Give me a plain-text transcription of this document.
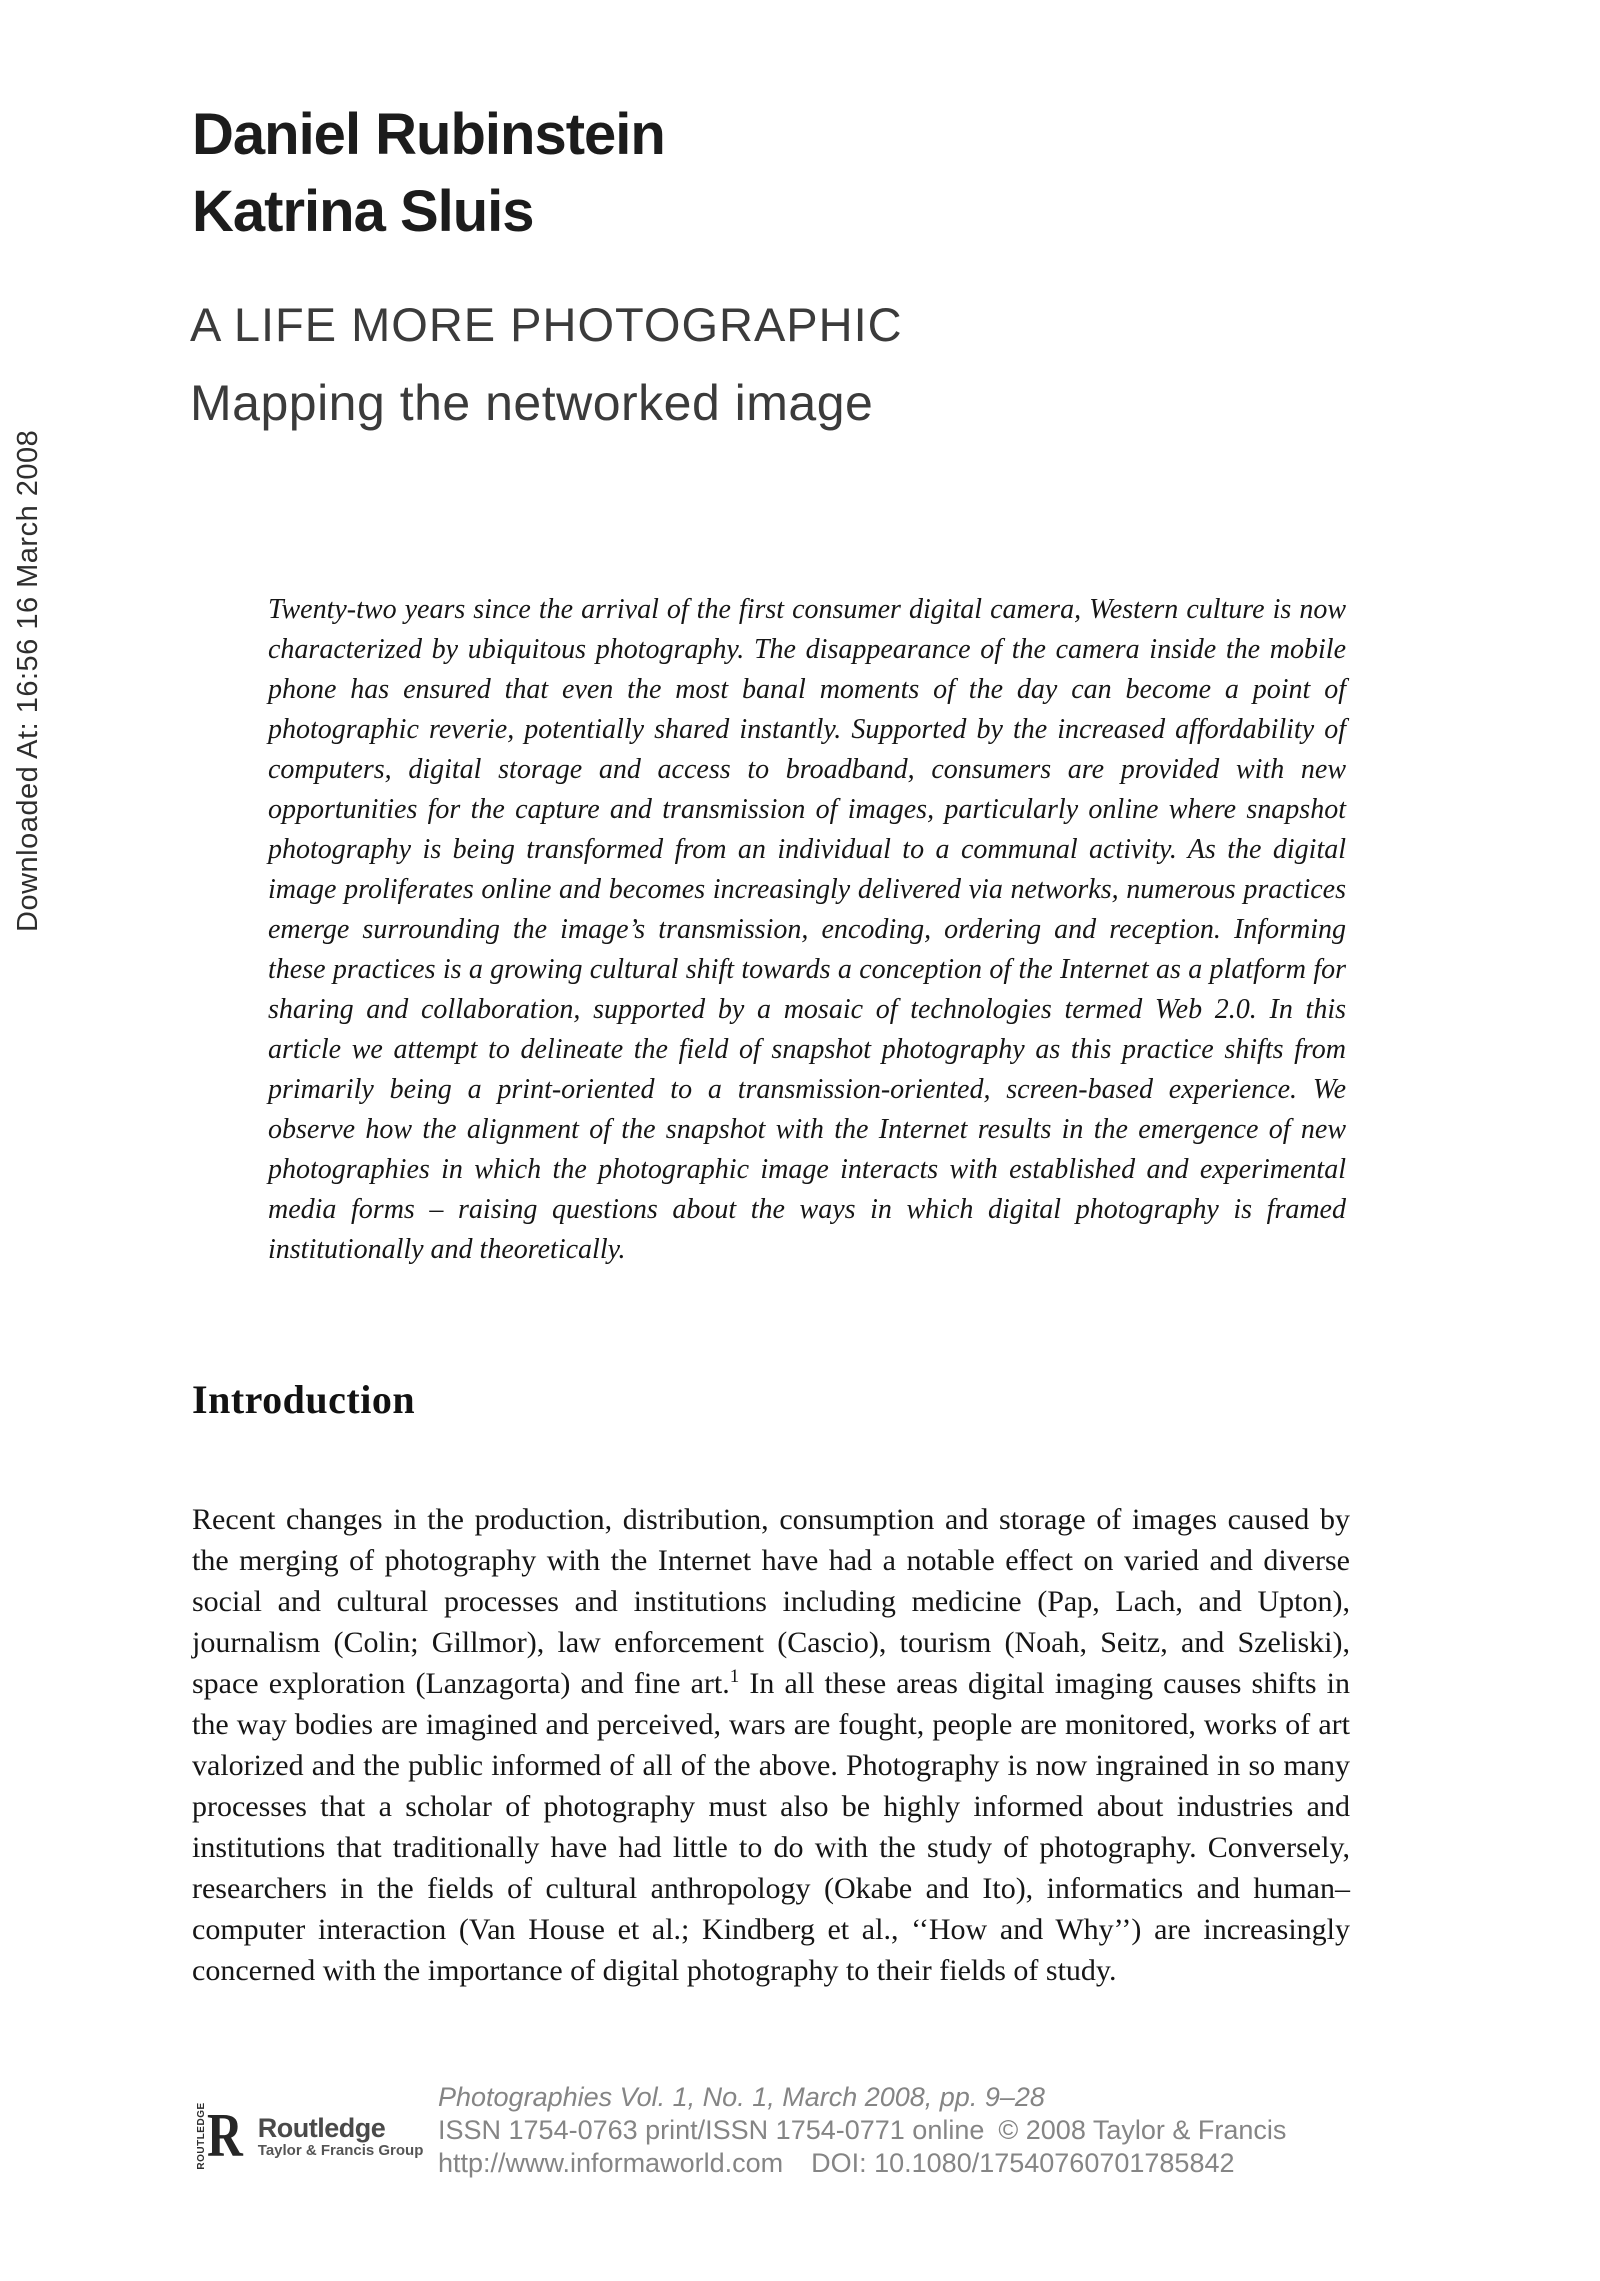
Downloaded At: 16:56 16 March 2008
Daniel Rubinstein
Katrina Sluis
A LIFE MORE PHOTOGRAPHIC
Mapping the networked image
Twenty-two years since the arrival of the first consumer digital camera, Western culture is now characterized by ubiquitous photography. The disappearance of the camera inside the mobile phone has ensured that even the most banal moments of the day can become a point of photographic reverie, potentially shared instantly. Supported by the increased affordability of computers, digital storage and access to broadband, consumers are provided with new opportunities for the capture and transmission of images, particularly online where snapshot photography is being transformed from an individual to a communal activity. As the digital image proliferates online and becomes increasingly delivered via networks, numerous practices emerge surrounding the image’s transmission, encoding, ordering and reception. Informing these practices is a growing cultural shift towards a conception of the Internet as a platform for sharing and collaboration, supported by a mosaic of technologies termed Web 2.0. In this article we attempt to delineate the field of snapshot photography as this practice shifts from primarily being a print-oriented to a transmission-oriented, screen-based experience. We observe how the alignment of the snapshot with the Internet results in the emergence of new photographies in which the photographic image interacts with established and experimental media forms – raising questions about the ways in which digital photography is framed institutionally and theoretically.
Introduction

Recent changes in the production, distribution, consumption and storage of images caused by the merging of photography with the Internet have had a notable effect on varied and diverse social and cultural processes and institutions including medicine (Pap, Lach, and Upton), journalism (Colin; Gillmor), law enforcement (Cascio), tourism (Noah, Seitz, and Szeliski), space exploration (Lanzagorta) and fine art.$^1$ In all these areas digital imaging causes shifts in the way bodies are imagined and perceived, wars are fought, people are monitored, works of art valorized and the public informed of all of the above. Photography is now ingrained in so many processes that a scholar of photography must also be highly informed about industries and institutions that traditionally have had little to do with the study of photography. Conversely, researchers in the fields of cultural anthropology (Okabe and Ito), informatics and human–computer interaction (Van House et al.; Kindberg et al., ‘‘How and Why’’) are increasingly concerned with the importance of digital photography to their fields of study.

ROUTLEDGE R Routledge
Taylor & Francis Group
Photographies Vol. 1, No. 1, March 2008, pp. 9–28
ISSN 1754-0763 print/ISSN 1754-0771 online © 2008 Taylor & Francis
http://www.informaworld.com DOI: 10.1080/17540760701785842
